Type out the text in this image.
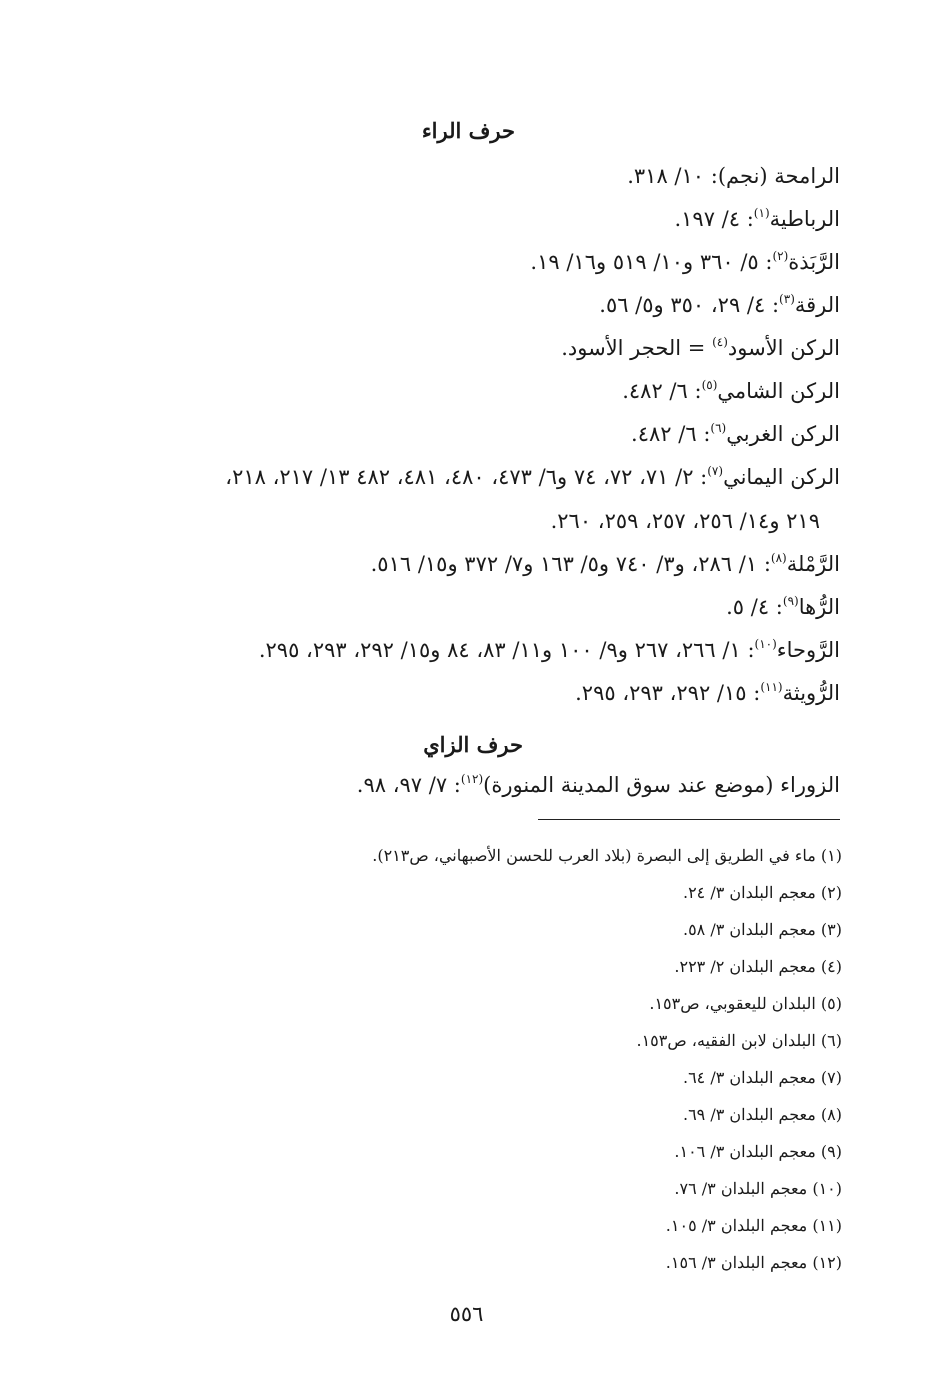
حرف الراء
الرامحة (نجم): ١٠/ ٣١٨.
الرباطية$^{(١)}$: ٤/ ١٩٧.
الرَّبَذة$^{(٢)}$: ٥/ ٣٦٠ و١٠/ ٥١٩ و١٦/ ١٩.
الرقة$^{(٣)}$: ٤/ ٢٩، ٣٥٠ و٥/ ٥٦.
الركن الأسود$^{(٤)}$ = الحجر الأسود.
الركن الشامي$^{(٥)}$: ٦/ ٤٨٢.
الركن الغربي$^{(٦)}$: ٦/ ٤٨٢.
الركن اليماني$^{(٧)}$: ٢/ ٧١، ٧٢، ٧٤ و٦/ ٤٧٣، ٤٨٠، ٤٨١، ٤٨٢ ١٣/ ٢١٧، ٢١٨،
٢١٩ و١٤/ ٢٥٦، ٢٥٧، ٢٥٩، ٢٦٠.
الرَّمْلة$^{(٨)}$: ١/ ٢٨٦، و٣/ ٧٤٠ و٥/ ١٦٣ و٧/ ٣٧٢ و١٥/ ٥١٦.
الرُّها$^{(٩)}$: ٤/ ٥.
الرَّوحاء$^{(١٠)}$: ١/ ٢٦٦، ٢٦٧ و٩/ ١٠٠ و١١/ ٨٣، ٨٤ و١٥/ ٢٩٢، ٢٩٣، ٢٩٥.
الرُّويثة$^{(١١)}$: ١٥/ ٢٩٢، ٢٩٣، ٢٩٥.
حرف الزاي
الزوراء (موضع عند سوق المدينة المنورة)$^{(١٢)}$: ٧/ ٩٧، ٩٨.
(١) ماء في الطريق إلى البصرة (بلاد العرب للحسن الأصبهاني، ص٢١٣).
(٢) معجم البلدان ٣/ ٢٤.
(٣) معجم البلدان ٣/ ٥٨.
(٤) معجم البلدان ٢/ ٢٢٣.
(٥) البلدان لليعقوبي، ص١٥٣.
(٦) البلدان لابن الفقيه، ص١٥٣.
(٧) معجم البلدان ٣/ ٦٤.
(٨) معجم البلدان ٣/ ٦٩.
(٩) معجم البلدان ٣/ ١٠٦.
(١٠) معجم البلدان ٣/ ٧٦.
(١١) معجم البلدان ٣/ ١٠٥.
(١٢) معجم البلدان ٣/ ١٥٦.
٥٥٦
